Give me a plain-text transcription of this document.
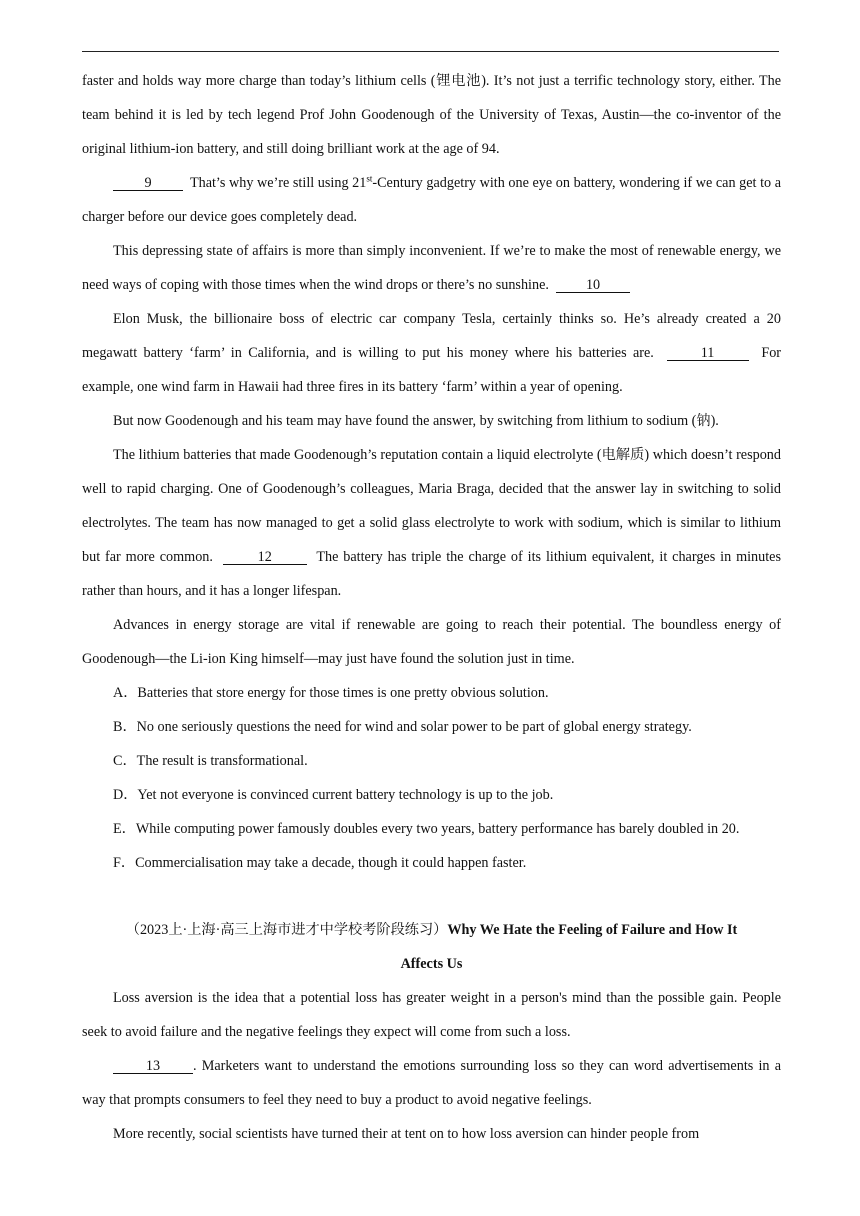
faster and holds way more charge than today’s lithium cells (锂电池). It’s not just a terrific technology story, either. The team behind it is led by tech legend Prof John Goodenough of the University of Texas, Austin—the co-inventor of the original lithium-ion battery, and still doing brilliant work at the age of 94.
9	That’s why we’re still using 21st-Century gadgetry with one eye on battery, wondering if we can get to a charger before our device goes completely dead.
This depressing state of affairs is more than simply inconvenient. If we’re to make the most of renewable energy, we need ways of coping with those times when the wind drops or there’s no sunshine.	10
Elon Musk, the billionaire boss of electric car company Tesla, certainly thinks so. He’s already created a 20 megawatt battery ‘farm’ in California, and is willing to put his money where his batteries are.	11	For example, one wind farm in Hawaii had three fires in its battery ‘farm’ within a year of opening.
But now Goodenough and his team may have found the answer, by switching from lithium to sodium (钠).
The lithium batteries that made Goodenough’s reputation contain a liquid electrolyte (电解质) which doesn’t respond well to rapid charging. One of Goodenough’s colleagues, Maria Braga, decided that the answer lay in switching to solid electrolytes. The team has now managed to get a solid glass electrolyte to work with sodium, which is similar to lithium but far more common.	12	The battery has triple the charge of its lithium equivalent, it charges in minutes rather than hours, and it has a longer lifespan.
Advances in energy storage are vital if renewable are going to reach their potential. The boundless energy of Goodenough—the Li-ion King himself—may just have found the solution just in time.
A．Batteries that store energy for those times is one pretty obvious solution.
B．No one seriously questions the need for wind and solar power to be part of global energy strategy.
C．The result is transformational.
D．Yet not everyone is convinced current battery technology is up to the job.
E．While computing power famously doubles every two years, battery performance has barely doubled in 20.
F．Commercialisation may take a decade, though it could happen faster.
（2023上·上海·高三上海市进才中学校考阶段练习）Why We Hate the Feeling of Failure and How It
Affects Us
Loss aversion is the idea that a potential loss has greater weight in a person's mind than the possible gain. People seek to avoid failure and the negative feelings they expect will come from such a loss.
13 . Marketers want to understand the emotions surrounding loss so they can word advertisements in a way that prompts consumers to feel they need to buy a product to avoid negative feelings.
More recently, social scientists have turned their at tent on to how loss aversion can hinder people from
